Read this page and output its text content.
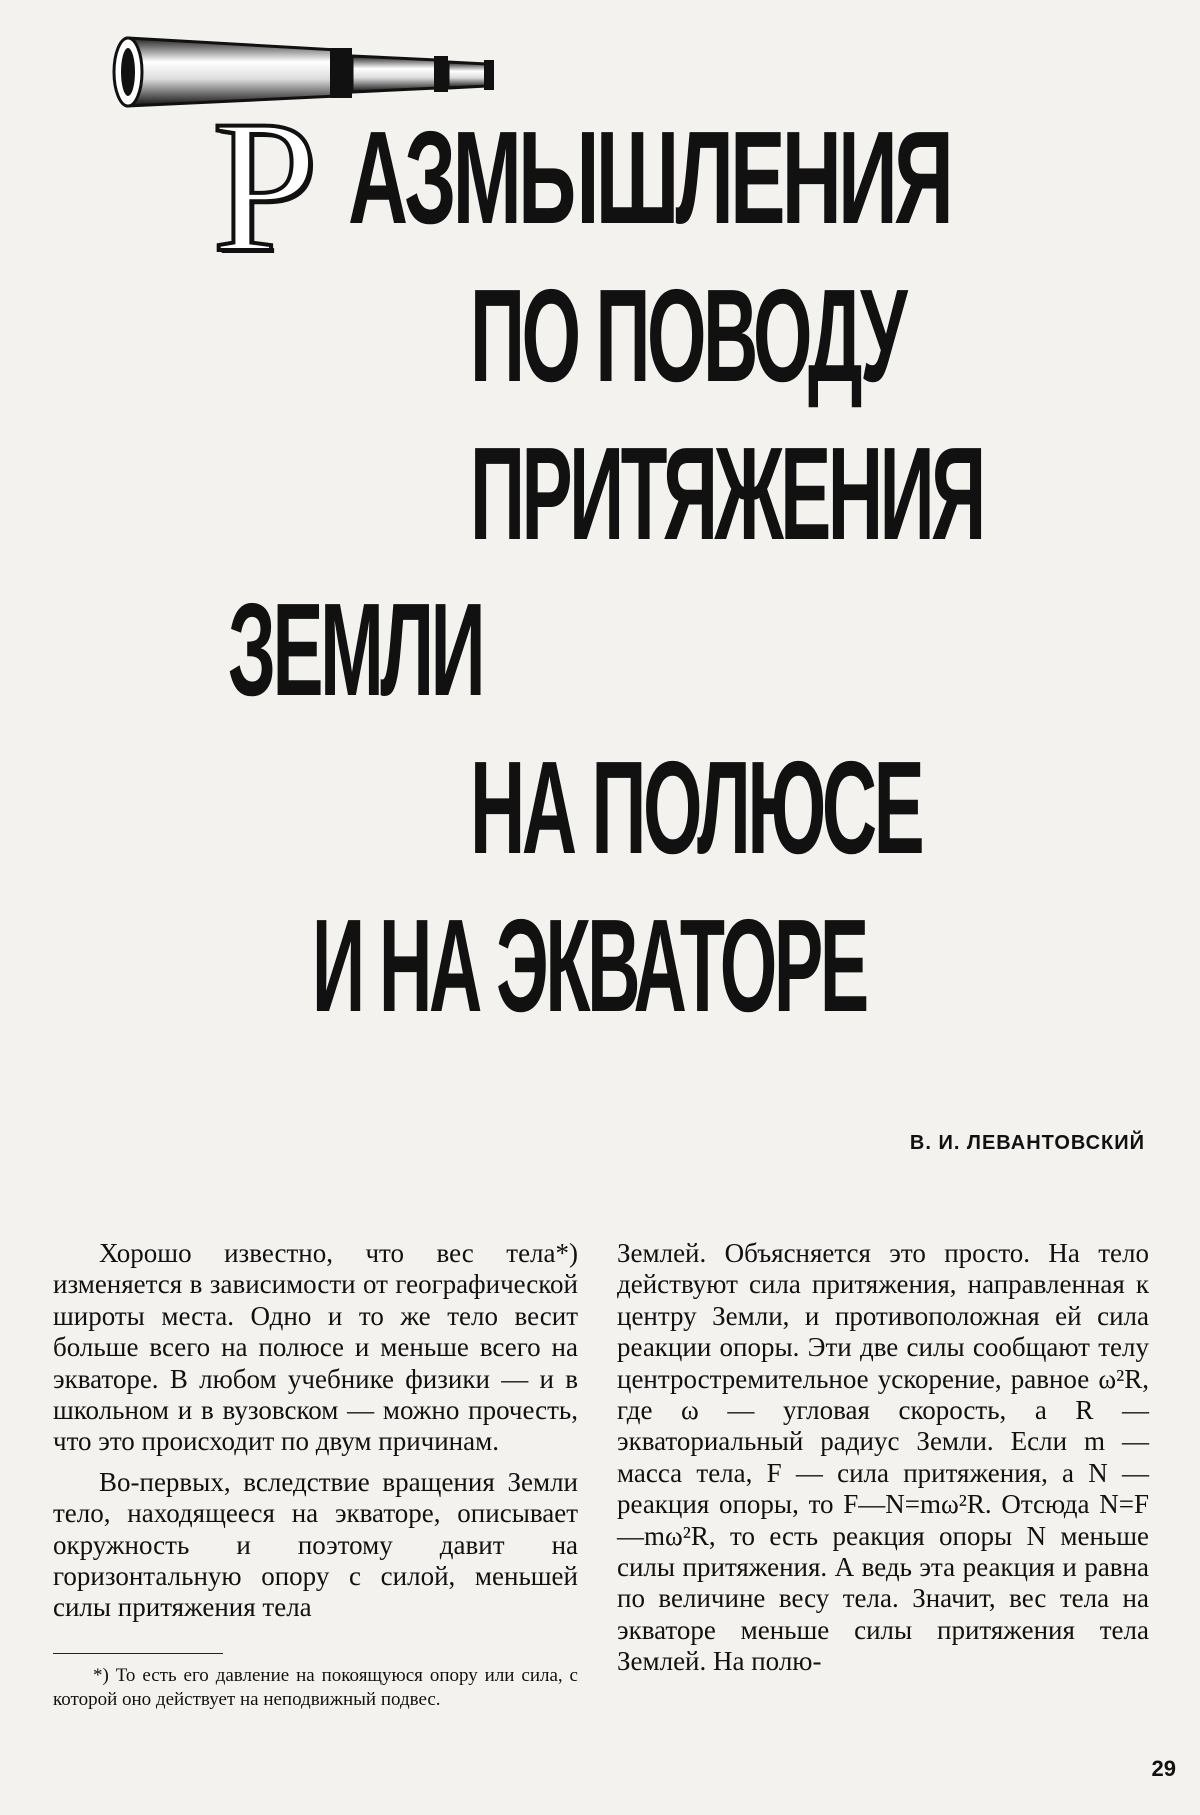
Р АЗМЫШЛЕНИЯ
ПО ПОВОДУ
ПРИТЯЖЕНИЯ
ЗЕМЛИ
НА ПОЛЮСЕ
И НА ЭКВАТОРЕ
В. И. ЛЕВАНТОВСКИЙ

Хорошо известно, что вес тела*) изменяется в зависимости от географической широты места. Одно и то же тело весит больше всего на полюсе и меньше всего на экваторе. В любом учебнике физики — и в школьном и в вузовском — можно прочесть, что это происходит по двум причинам.

Во-первых, вследствие вращения Земли тело, находящееся на экваторе, описывает окружность и поэтому давит на горизонтальную опору с силой, меньшей силы притяжения тела

*) То есть его давление на покоящуюся опору или сила, с которой оно действует на неподвижный подвес.

Землей. Объясняется это просто. На тело действуют сила притяжения, направленная к центру Земли, и противоположная ей сила реакции опоры. Эти две силы сообщают телу центростремительное ускорение, равное ω²R, где ω — угловая скорость, а R —экваториальный радиус Земли. Если m — масса тела, F — сила притяжения, а N — реакция опоры, то F—N=mω²R. Отсюда N=F—mω²R, то есть реакция опоры N меньше силы притяжения. А ведь эта реакция и равна по величине весу тела. Значит, вес тела на экваторе меньше силы притяжения тела Землей. На полю-

29
